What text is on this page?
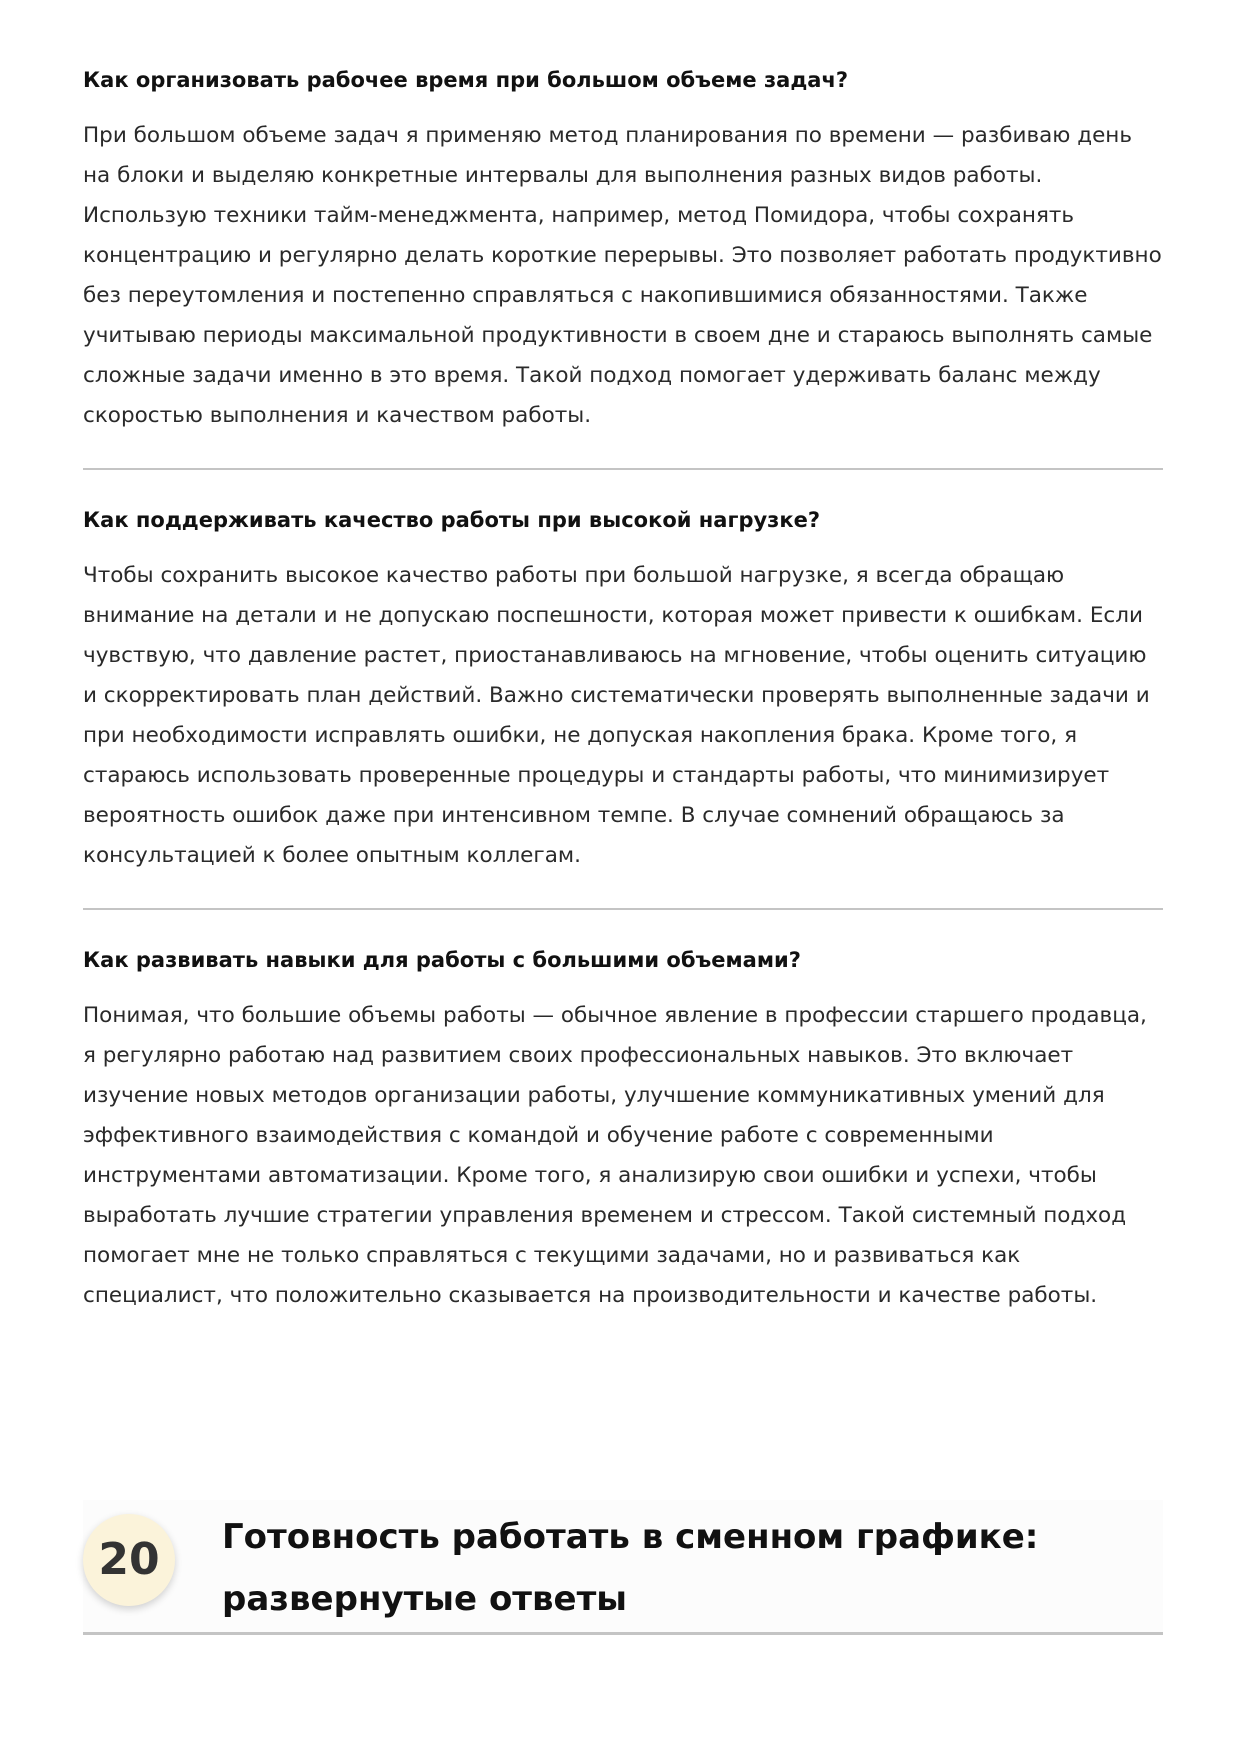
Как организовать рабочее время при большом объеме задач?

При большом объеме задач я применяю метод планирования по времени — разбиваю день на блоки и выделяю конкретные интервалы для выполнения разных видов работы. Использую техники тайм-менеджмента, например, метод Помидора, чтобы сохранять концентрацию и регулярно делать короткие перерывы. Это позволяет работать продуктивно без переутомления и постепенно справляться с накопившимися обязанностями. Также учитываю периоды максимальной продуктивности в своем дне и стараюсь выполнять самые сложные задачи именно в это время. Такой подход помогает удерживать баланс между скоростью выполнения и качеством работы.

Как поддерживать качество работы при высокой нагрузке?

Чтобы сохранить высокое качество работы при большой нагрузке, я всегда обращаю внимание на детали и не допускаю поспешности, которая может привести к ошибкам. Если чувствую, что давление растет, приостанавливаюсь на мгновение, чтобы оценить ситуацию и скорректировать план действий. Важно систематически проверять выполненные задачи и при необходимости исправлять ошибки, не допуская накопления брака. Кроме того, я стараюсь использовать проверенные процедуры и стандарты работы, что минимизирует вероятность ошибок даже при интенсивном темпе. В случае сомнений обращаюсь за консультацией к более опытным коллегам.

Как развивать навыки для работы с большими объемами?

Понимая, что большие объемы работы — обычное явление в профессии старшего продавца, я регулярно работаю над развитием своих профессиональных навыков. Это включает изучение новых методов организации работы, улучшение коммуникативных умений для эффективного взаимодействия с командой и обучение работе с современными инструментами автоматизации. Кроме того, я анализирую свои ошибки и успехи, чтобы выработать лучшие стратегии управления временем и стрессом. Такой системный подход помогает мне не только справляться с текущими задачами, но и развиваться как специалист, что положительно сказывается на производительности и качестве работы.

20	Готовность работать в сменном графике: развернутые ответы
